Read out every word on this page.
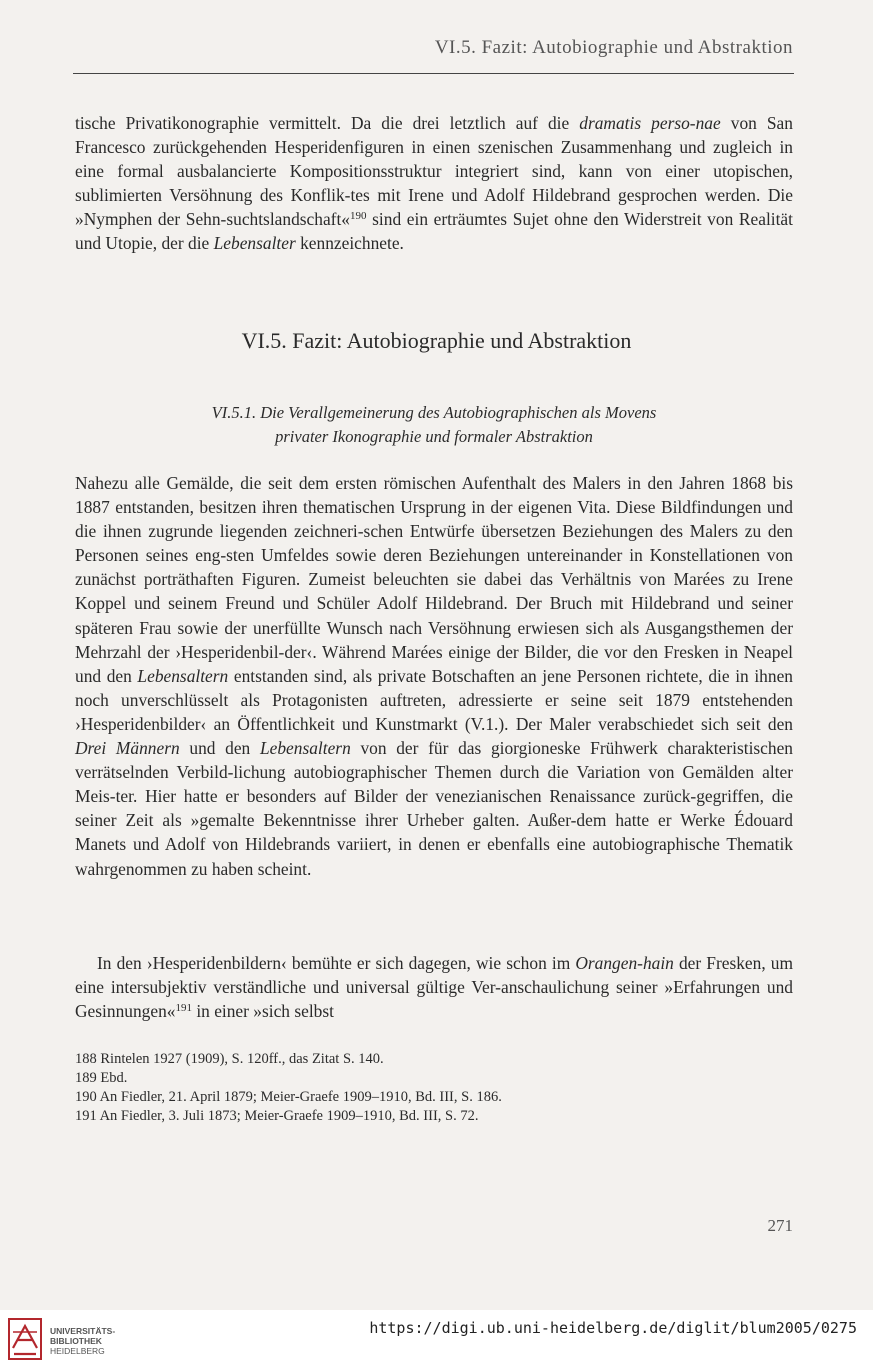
VI.5. Fazit: Autobiographie und Abstraktion
tische Privatikonographie vermittelt. Da die drei letztlich auf die dramatis perso-nae von San Francesco zurückgehenden Hesperidenfiguren in einen szenischen Zusammenhang und zugleich in eine formal ausbalancierte Kompositionsstruktur integriert sind, kann von einer utopischen, sublimierten Versöhnung des Konflik-tes mit Irene und Adolf Hildebrand gesprochen werden. Die »Nymphen der Sehn-suchtslandschaft«$^{190}$ sind ein erträumtes Sujet ohne den Widerstreit von Realität und Utopie, der die Lebensalter kennzeichnete.
VI.5. Fazit: Autobiographie und Abstraktion
VI.5.1. Die Verallgemeinerung des Autobiographischen als Movens
privater Ikonographie und formaler Abstraktion
Nahezu alle Gemälde, die seit dem ersten römischen Aufenthalt des Malers in den Jahren 1868 bis 1887 entstanden, besitzen ihren thematischen Ursprung in der eigenen Vita. Diese Bildfindungen und die ihnen zugrunde liegenden zeichneri-schen Entwürfe übersetzen Beziehungen des Malers zu den Personen seines eng-sten Umfeldes sowie deren Beziehungen untereinander in Konstellationen von zunächst porträthaften Figuren. Zumeist beleuchten sie dabei das Verhältnis von Marées zu Irene Koppel und seinem Freund und Schüler Adolf Hildebrand. Der Bruch mit Hildebrand und seiner späteren Frau sowie der unerfüllte Wunsch nach Versöhnung erwiesen sich als Ausgangsthemen der Mehrzahl der ›Hesperidenbil-der‹. Während Marées einige der Bilder, die vor den Fresken in Neapel und den Lebensaltern entstanden sind, als private Botschaften an jene Personen richtete, die in ihnen noch unverschlüsselt als Protagonisten auftreten, adressierte er seine seit 1879 entstehenden ›Hesperidenbilder‹ an Öffentlichkeit und Kunstmarkt (V.1.). Der Maler verabschiedet sich seit den Drei Männern und den Lebensaltern von der für das giorgioneske Frühwerk charakteristischen verrätselnden Verbild-lichung autobiographischer Themen durch die Variation von Gemälden alter Meis-ter. Hier hatte er besonders auf Bilder der venezianischen Renaissance zurück-gegriffen, die seiner Zeit als »gemalte Bekenntnisse ihrer Urheber galten. Außer-dem hatte er Werke Édouard Manets und Adolf von Hildebrands variiert, in denen er ebenfalls eine autobiographische Thematik wahrgenommen zu haben scheint.
In den ›Hesperidenbildern‹ bemühte er sich dagegen, wie schon im Orangen-hain der Fresken, um eine intersubjektiv verständliche und universal gültige Ver-anschaulichung seiner »Erfahrungen und Gesinnungen«$^{191}$ in einer »sich selbst
188 Rintelen 1927 (1909), S. 120ff., das Zitat S. 140.
189 Ebd.
190 An Fiedler, 21. April 1879; Meier-Graefe 1909–1910, Bd. III, S. 186.
191 An Fiedler, 3. Juli 1873; Meier-Graefe 1909–1910, Bd. III, S. 72.
271
UNIVERSITÄTS-
BIBLIOTHEK
HEIDELBERG
https://digi.ub.uni-heidelberg.de/diglit/blum2005/0275
